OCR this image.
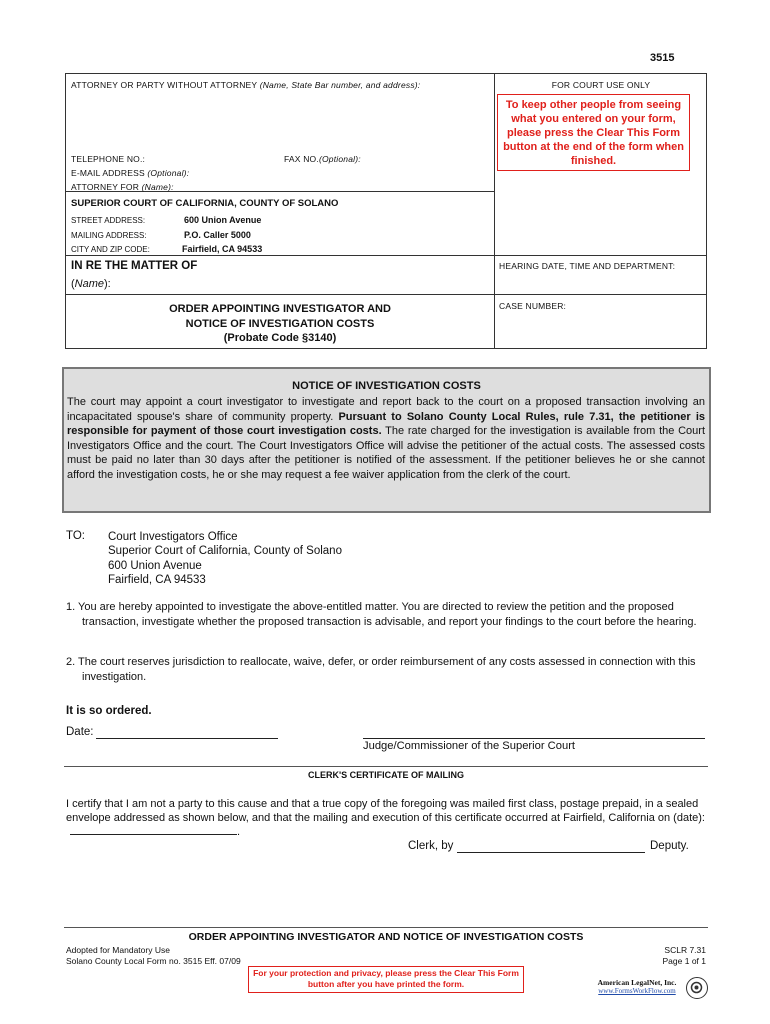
3515
ATTORNEY OR PARTY WITHOUT ATTORNEY (Name, State Bar number, and address):
TELEPHONE NO.:	FAX NO.(Optional):
E-MAIL ADDRESS (Optional):
ATTORNEY FOR (Name):
SUPERIOR COURT OF CALIFORNIA, COUNTY OF SOLANO
STREET ADDRESS:	600 Union Avenue
MAILING ADDRESS:	P.O. Caller 5000
CITY AND ZIP CODE:	Fairfield, CA 94533
IN RE THE MATTER OF
(Name):
ORDER APPOINTING INVESTIGATOR AND
NOTICE OF INVESTIGATION COSTS
(Probate Code §3140)
FOR COURT USE ONLY
To keep other people from seeing what you entered on your form, please press the Clear This Form button at the end of the form when finished.
HEARING DATE, TIME AND DEPARTMENT:
CASE NUMBER:
NOTICE OF INVESTIGATION COSTS
The court may appoint a court investigator to investigate and report back to the court on a proposed transaction involving an incapacitated spouse's share of community property. Pursuant to Solano County Local Rules, rule 7.31, the petitioner is responsible for payment of those court investigation costs. The rate charged for the investigation is available from the Court Investigators Office and the court. The Court Investigators Office will advise the petitioner of the actual costs. The assessed costs must be paid no later than 30 days after the petitioner is notified of the assessment. If the petitioner believes he or she cannot afford the investigation costs, he or she may request a fee waiver application from the clerk of the court.
TO: Court Investigators Office
Superior Court of California, County of Solano
600 Union Avenue
Fairfield, CA 94533
1. You are hereby appointed to investigate the above-entitled matter. You are directed to review the petition and the proposed transaction, investigate whether the proposed transaction is advisable, and report your findings to the court before the hearing.
2. The court reserves jurisdiction to reallocate, waive, defer, or order reimbursement of any costs assessed in connection with this investigation.
It is so ordered.
Date:
Judge/Commissioner of the Superior Court
CLERK'S CERTIFICATE OF MAILING
I certify that I am not a party to this cause and that a true copy of the foregoing was mailed first class, postage prepaid, in a sealed envelope addressed as shown below, and that the mailing and execution of this certificate occurred at Fairfield, California on (date):.
Clerk, by	Deputy.
ORDER APPOINTING INVESTIGATOR AND NOTICE OF INVESTIGATION COSTS
Adopted for Mandatory Use
Solano County Local Form no. 3515 Eff. 07/09
SCLR 7.31
Page 1 of 1
For your protection and privacy, please press the Clear This Form button after you have printed the form.	American LegalNet, Inc.
www.FormsWorkFlow.com
